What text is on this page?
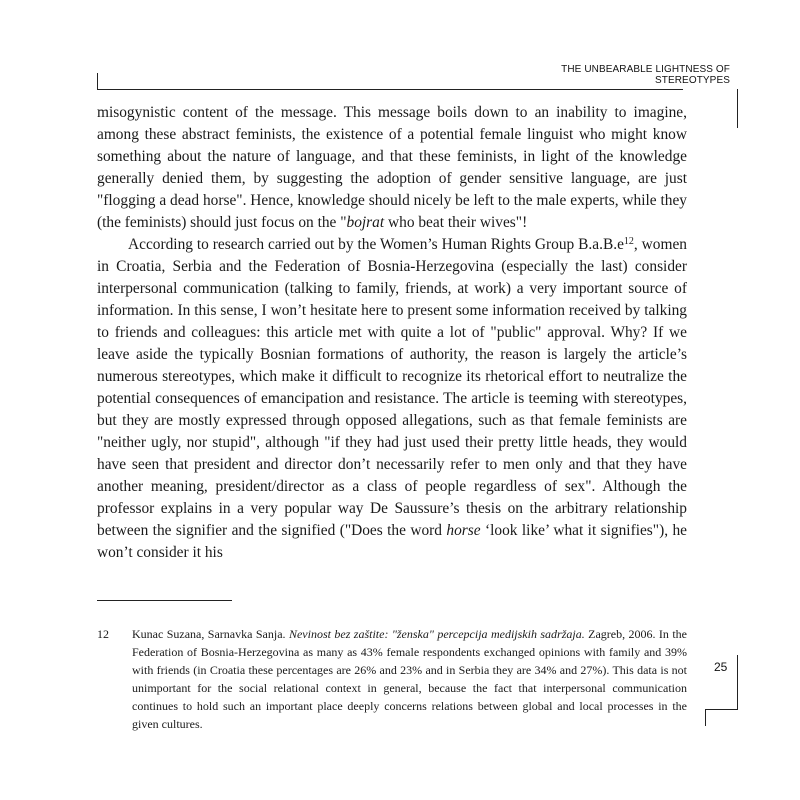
THE UNBEARABLE LIGHTNESS OF
STEREOTYPES

misogynistic content of the message. This message boils down to an inability to imagine, among these abstract feminists, the existence of a potential female linguist who might know something about the nature of language, and that these feminists, in light of the knowledge generally denied them, by suggesting the adoption of gender sensitive language, are just "flogging a dead horse". Hence, knowledge should nicely be left to the male experts, while they (the feminists) should just focus on the "bojrat who beat their wives"!

According to research carried out by the Women’s Human Rights Group B.a.B.e$^{12}$, women in Croatia, Serbia and the Federation of Bosnia-Herzegovina (especially the last) consider interpersonal communication (talking to family, friends, at work) a very important source of information. In this sense, I won’t hesitate here to present some information received by talking to friends and colleagues: this article met with quite a lot of "public" approval. Why? If we leave aside the typically Bosnian formations of authority, the reason is largely the article’s numerous stereotypes, which make it difficult to recognize its rhetorical effort to neutralize the potential consequences of emancipation and resistance. The article is teeming with stereotypes, but they are mostly expressed through opposed allegations, such as that female feminists are "neither ugly, nor stupid", although "if they had just used their pretty little heads, they would have seen that president and director don’t necessarily refer to men only and that they have another meaning, president/director as a class of people regardless of sex". Although the professor explains in a very popular way De Saussure’s thesis on the arbitrary relationship between the signifier and the signified ("Does the word horse ‘look like’ what it signifies"), he won’t consider it his

12 Kunac Suzana, Sarnavka Sanja. Nevinost bez zaštite: "ženska" percepcija medijskih sadržaja. Zagreb, 2006. In the Federation of Bosnia-Herzegovina as many as 43% female respondents exchanged opinions with family and 39% with friends (in Croatia these percentages are 26% and 23% and in Serbia they are 34% and 27%). This data is not unimportant for the social relational context in general, because the fact that interpersonal communication continues to hold such an important place deeply concerns relations between global and local processes in the given cultures.
25
